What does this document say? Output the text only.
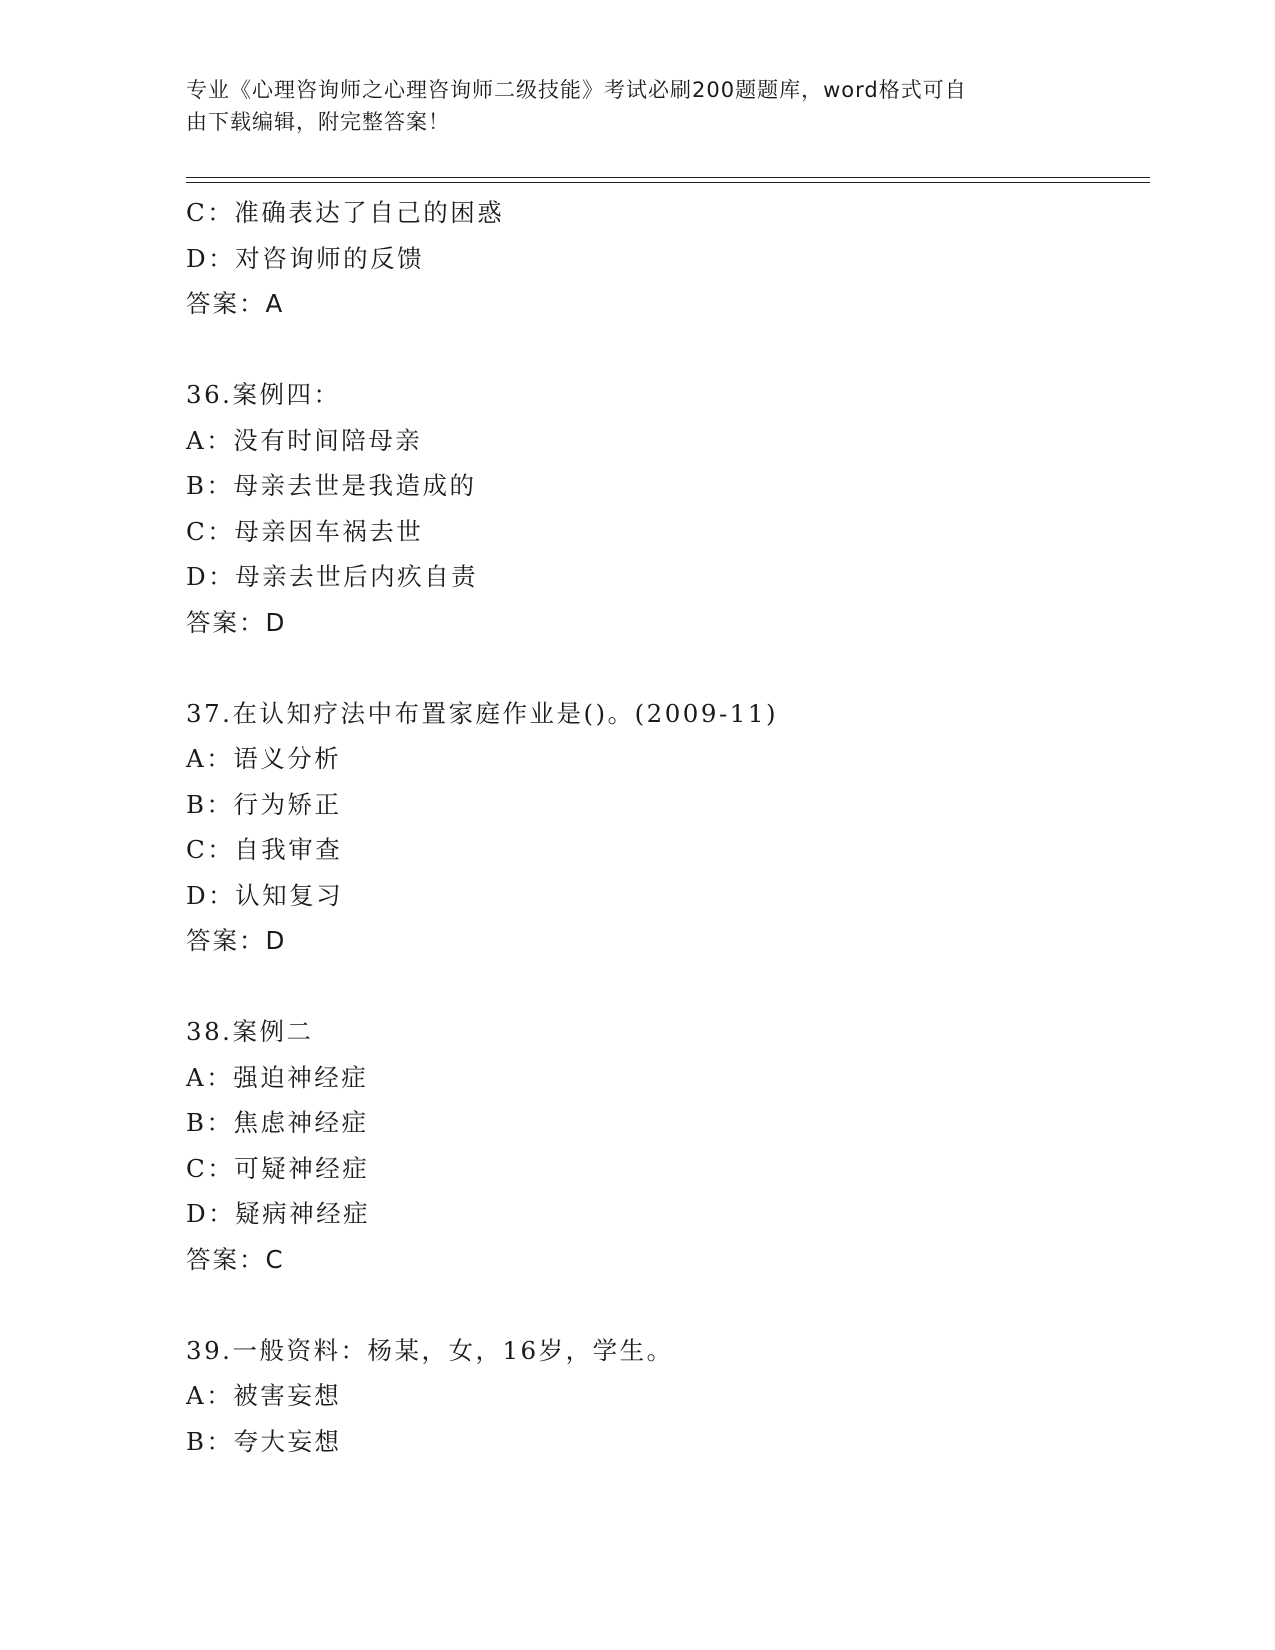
专业《心理咨询师之心理咨询师二级技能》考试必刷200题题库，word格式可自
由下载编辑，附完整答案！
C：准确表达了自己的困惑
D：对咨询师的反馈
答案：A
36.案例四：
A：没有时间陪母亲
B：母亲去世是我造成的
C：母亲因车祸去世
D：母亲去世后内疚自责
答案：D
37.在认知疗法中布置家庭作业是()。(2009-11)
A：语义分析
B：行为矫正
C：自我审查
D：认知复习
答案：D
38.案例二
A：强迫神经症
B：焦虑神经症
C：可疑神经症
D：疑病神经症
答案：C
39.一般资料：杨某，女，16岁，学生。
A：被害妄想
B：夸大妄想
